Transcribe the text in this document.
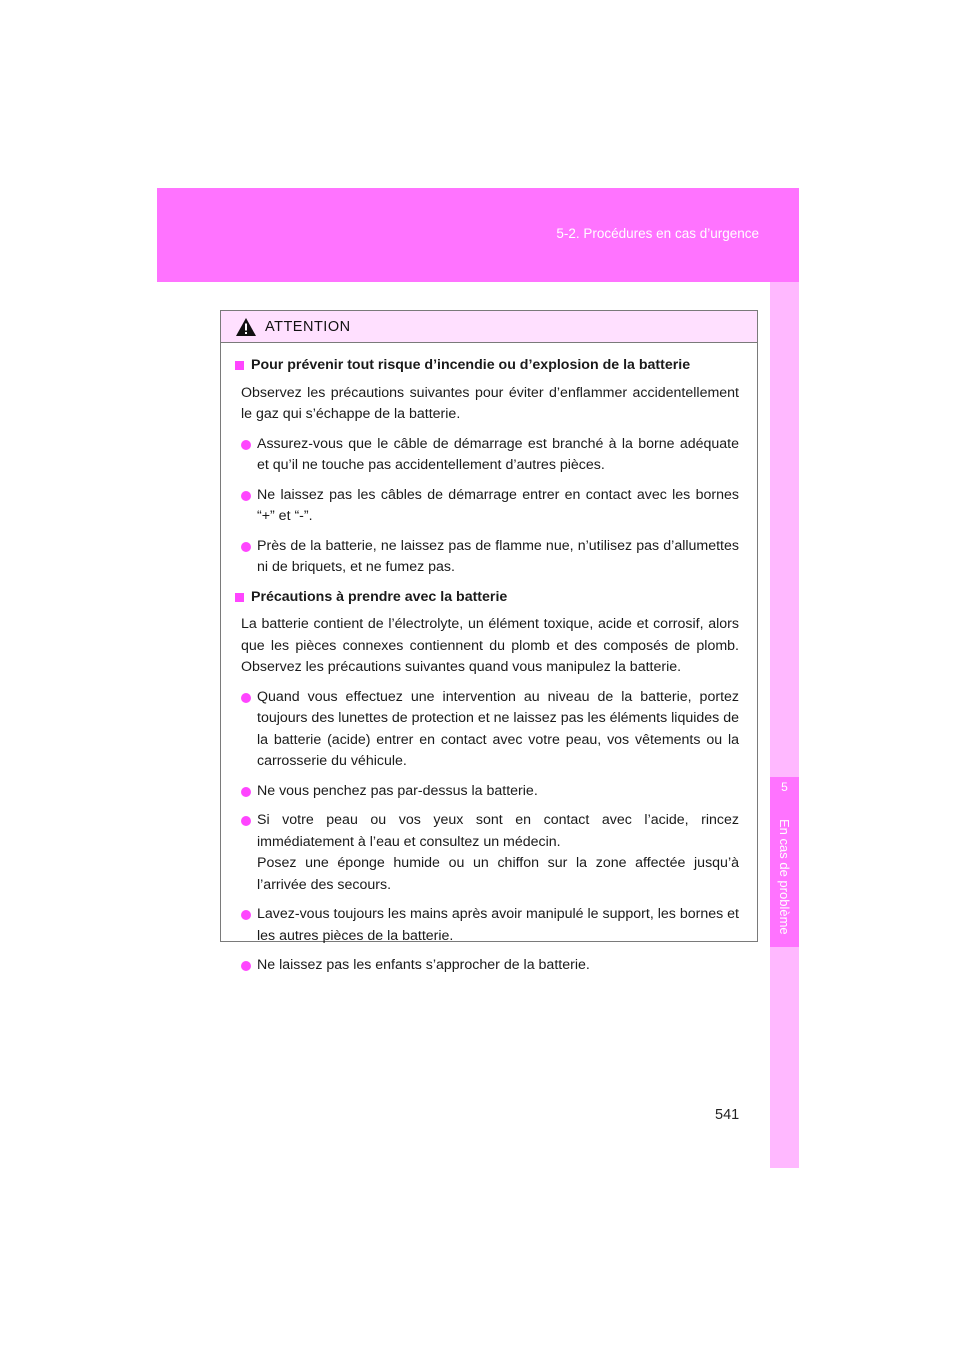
5-2. Procédures en cas d’urgence
5
En cas de problème
ATTENTION
Pour prévenir tout risque d’incendie ou d’explosion de la batterie
Observez les précautions suivantes pour éviter d’enflammer accidentellement le gaz qui s’échappe de la batterie.
Assurez-vous que le câble de démarrage est branché à la borne adéquate et qu’il ne touche pas accidentellement d’autres pièces.
Ne laissez pas les câbles de démarrage entrer en contact avec les bornes “+” et “-”.
Près de la batterie, ne laissez pas de flamme nue, n’utilisez pas d’allumettes ni de briquets, et ne fumez pas.
Précautions à prendre avec la batterie
La batterie contient de l’électrolyte, un élément toxique, acide et corrosif, alors que les pièces connexes contiennent du plomb et des composés de plomb. Observez les précautions suivantes quand vous manipulez la batterie.
Quand vous effectuez une intervention au niveau de la batterie, portez toujours des lunettes de protection et ne laissez pas les éléments liquides de la batterie (acide) entrer en contact avec votre peau, vos vêtements ou la carrosserie du véhicule.
Ne vous penchez pas par-dessus la batterie.
Si votre peau ou vos yeux sont en contact avec l’acide, rincez immédiatement à l’eau et consultez un médecin.
Posez une éponge humide ou un chiffon sur la zone affectée jusqu’à l’arrivée des secours.
Lavez-vous toujours les mains après avoir manipulé le support, les bornes et les autres pièces de la batterie.
Ne laissez pas les enfants s’approcher de la batterie.
541
